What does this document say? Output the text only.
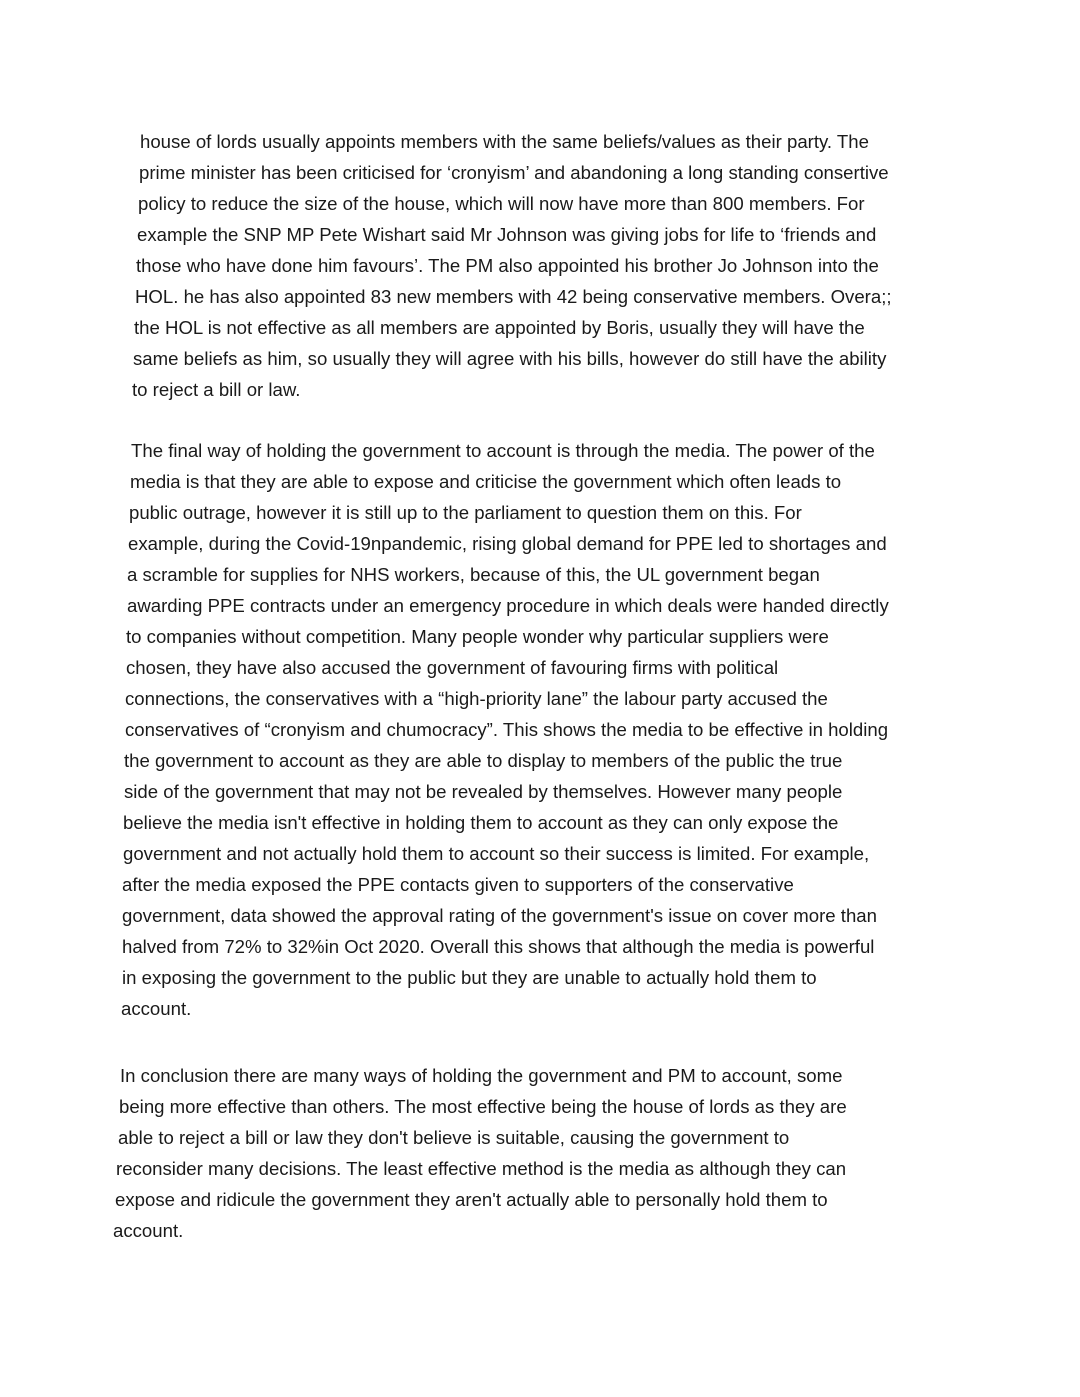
house of lords usually appoints members with the same beliefs/values as their party. The
prime minister has been criticised for ‘cronyism’ and abandoning a long standing consertive
policy to reduce the size of the house, which will now have more than 800 members. For
example the SNP MP Pete Wishart said Mr Johnson was giving jobs for life to ‘friends and
those who have done him favours’. The PM also appointed his brother Jo Johnson into the
HOL. he has also appointed 83 new members with 42 being conservative members. Overa;;
the HOL is not effective as all members are appointed by Boris, usually they will have the
same beliefs as him, so usually they will agree with his bills, however do still have the ability
to reject a bill or law.
The final way of holding the government to account is through the media. The power of the
media is that they are able to expose and criticise the government which often leads to
public outrage, however it is still up to the parliament to question them on this. For
example, during the Covid-19npandemic, rising global demand for PPE led to shortages and
a scramble for supplies for NHS workers, because of this, the UL government began
awarding PPE contracts under an emergency procedure in which deals were handed directly
to companies without competition. Many people wonder why particular suppliers were
chosen, they have also accused the government of favouring firms with political
connections, the conservatives with a “high-priority lane” the labour party accused the
conservatives of “cronyism and chumocracy”. This shows the media to be effective in holding
the government to account as they are able to display to members of the public the true
side of the government that may not be revealed by themselves. However many people
believe the media isn't effective in holding them to account as they can only expose the
government and not actually hold them to account so their success is limited. For example,
after the media exposed the PPE contacts given to supporters of the conservative
government, data showed the approval rating of the government's issue on cover more than
halved from 72% to 32%in Oct 2020. Overall this shows that although the media is powerful
in exposing the government to the public but they are unable to actually hold them to
account.
In conclusion there are many ways of holding the government and PM to account, some
being more effective than others. The most effective being the house of lords as they are
able to reject a bill or law they don't believe is suitable, causing the government to
reconsider many decisions. The least effective method is the media as although they can
expose and ridicule the government they aren't actually able to personally hold them to
account.
